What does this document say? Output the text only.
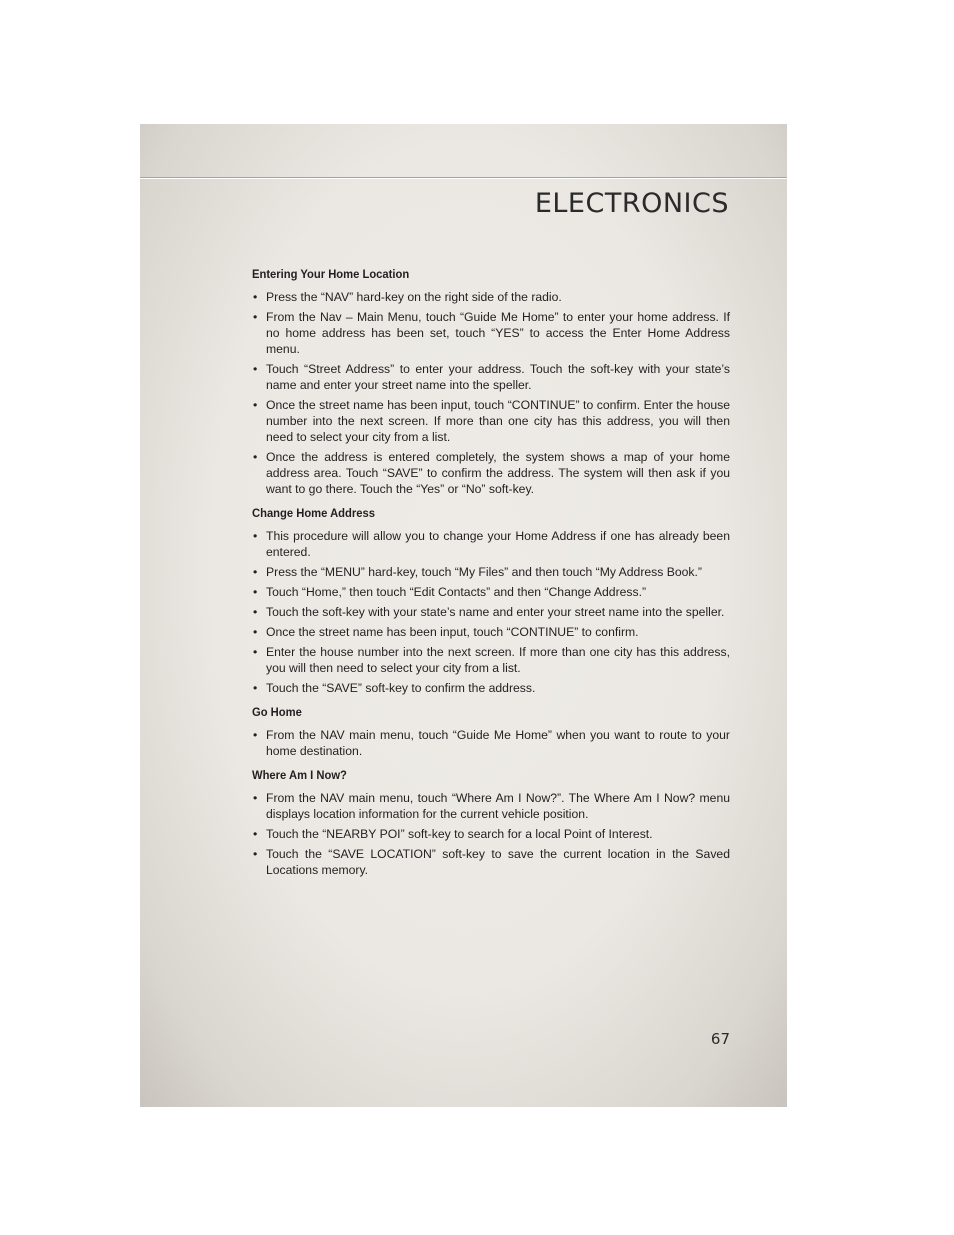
ELECTRONICS
Entering Your Home Location
• Press the “NAV” hard-key on the right side of the radio.
• From the Nav – Main Menu, touch “Guide Me Home” to enter your home address. If no home address has been set, touch “YES” to access the Enter Home Address menu.
• Touch “Street Address” to enter your address. Touch the soft-key with your state’s name and enter your street name into the speller.
• Once the street name has been input, touch “CONTINUE” to confirm. Enter the house number into the next screen. If more than one city has this address, you will then need to select your city from a list.
• Once the address is entered completely, the system shows a map of your home address area. Touch “SAVE” to confirm the address. The system will then ask if you want to go there. Touch the “Yes” or “No” soft-key.
Change Home Address
• This procedure will allow you to change your Home Address if one has already been entered.
• Press the “MENU” hard-key, touch “My Files” and then touch “My Address Book.”
• Touch “Home,” then touch “Edit Contacts” and then “Change Address.”
• Touch the soft-key with your state’s name and enter your street name into the speller.
• Once the street name has been input, touch “CONTINUE” to confirm.
• Enter the house number into the next screen. If more than one city has this address, you will then need to select your city from a list.
• Touch the “SAVE” soft-key to confirm the address.
Go Home
• From the NAV main menu, touch “Guide Me Home” when you want to route to your home destination.
Where Am I Now?
• From the NAV main menu, touch “Where Am I Now?”. The Where Am I Now? menu displays location information for the current vehicle position.
• Touch the “NEARBY POI” soft-key to search for a local Point of Interest.
• Touch the “SAVE LOCATION” soft-key to save the current location in the Saved Locations memory.
67
